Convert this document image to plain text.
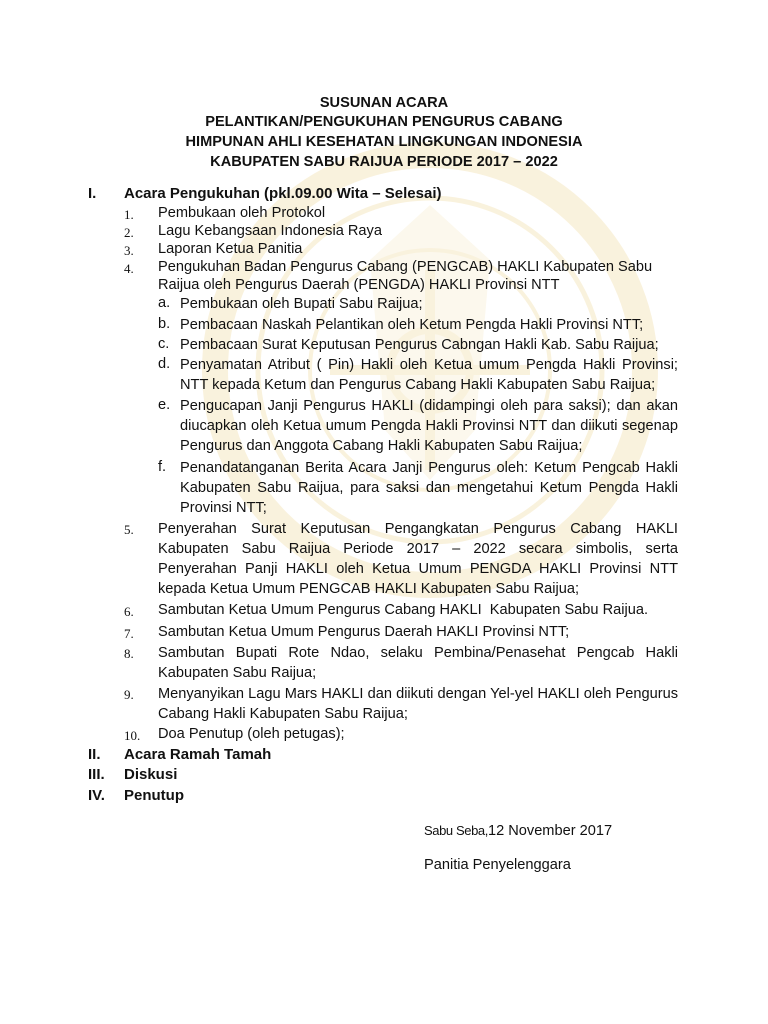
SUSUNAN ACARA
PELANTIKAN/PENGUKUHAN PENGURUS CABANG
HIMPUNAN AHLI KESEHATAN LINGKUNGAN INDONESIA
KABUPATEN SABU RAIJUA PERIODE 2017 – 2022
I. Acara Pengukuhan (pkl.09.00 Wita – Selesai)
1.	Pembukaan oleh Protokol
2.	Lagu Kebangsaan Indonesia Raya
3.	Laporan Ketua Panitia
4.	Pengukuhan Badan Pengurus Cabang (PENGCAB) HAKLI Kabupaten Sabu Raijua oleh Pengurus Daerah (PENGDA) HAKLI Provinsi NTT
a. Pembukaan oleh Bupati Sabu Raijua;
b. Pembacaan Naskah Pelantikan oleh Ketum Pengda Hakli Provinsi NTT;
c. Pembacaan Surat Keputusan Pengurus Cabngan Hakli Kab. Sabu Raijua;
d. Penyamatan Atribut ( Pin) Hakli oleh Ketua umum Pengda Hakli Provinsi; NTT kepada Ketum dan Pengurus Cabang Hakli Kabupaten Sabu Raijua;
e. Pengucapan Janji Pengurus HAKLI (didampingi oleh para saksi); dan akan diucapkan oleh Ketua umum Pengda Hakli Provinsi NTT dan diikuti segenap Pengurus dan Anggota Cabang Hakli Kabupaten Sabu Raijua;
f. Penandatanganan Berita Acara Janji Pengurus oleh: Ketum Pengcab Hakli Kabupaten Sabu Raijua, para saksi dan mengetahui Ketum Pengda Hakli Provinsi NTT;
5.	Penyerahan Surat Keputusan Pengangkatan Pengurus Cabang HAKLI Kabupaten Sabu Raijua Periode 2017 – 2022 secara simbolis, serta Penyerahan Panji HAKLI oleh Ketua Umum PENGDA HAKLI Provinsi NTT kepada Ketua Umum PENGCAB HAKLI Kabupaten Sabu Raijua;
6.	Sambutan Ketua Umum Pengurus Cabang HAKLI  Kabupaten Sabu Raijua.
7.	Sambutan Ketua Umum Pengurus Daerah HAKLI Provinsi NTT;
8.	Sambutan Bupati Rote Ndao, selaku Pembina/Penasehat Pengcab Hakli Kabupaten Sabu Raijua;
9.	Menyanyikan Lagu Mars HAKLI dan diikuti dengan Yel-yel HAKLI oleh Pengurus Cabang Hakli Kabupaten Sabu Raijua;
10.	Doa Penutup (oleh petugas);
II. Acara Ramah Tamah
III. Diskusi
IV. Penutup
Sabu Seba,12 November 2017
Panitia Penyelenggara
